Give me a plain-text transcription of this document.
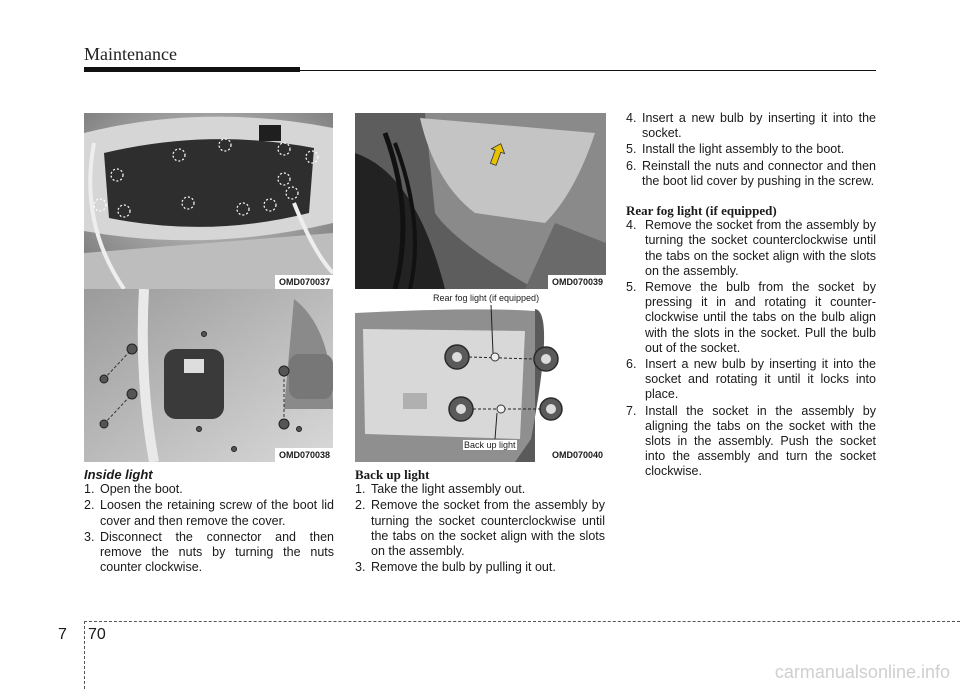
Maintenance
OMD070037
OMD070038
OMD070039
Rear fog light (if equipped)
Back up light
OMD070040

Inside light

1. Open the boot.
2. Loosen the retaining screw of the boot lid cover and then remove the cover.
3. Disconnect the connector and then remove the nuts by turning the nuts counter clockwise.

Back up light

1. Take the light assembly out.
2. Remove the socket from the assembly by turning the socket counterclockwise until the tabs on the socket align with the slots on the assembly.
3. Remove the bulb by pulling it out.
4. Insert a new bulb by inserting it into the socket.
5. Install the light assembly to the boot.
6. Reinstall the nuts and connector and then the boot lid cover by pushing in the screw.

Rear fog light (if equipped)

4. Remove the socket from the assembly by turning the socket counterclockwise until the tabs on the socket align with the slots on the assembly.
5. Remove the bulb from the socket by pressing it in and rotating it counter-clockwise until the tabs on the bulb align with the slots in the socket. Pull the bulb out of the socket.
6. Insert a new bulb by inserting it into the socket and rotating it until it locks into place.
7. Install the socket in the assembly by aligning the tabs on the socket with the slots in the assembly. Push the socket into the assembly and turn the socket clockwise.
7 70
carmanualsonline.info
